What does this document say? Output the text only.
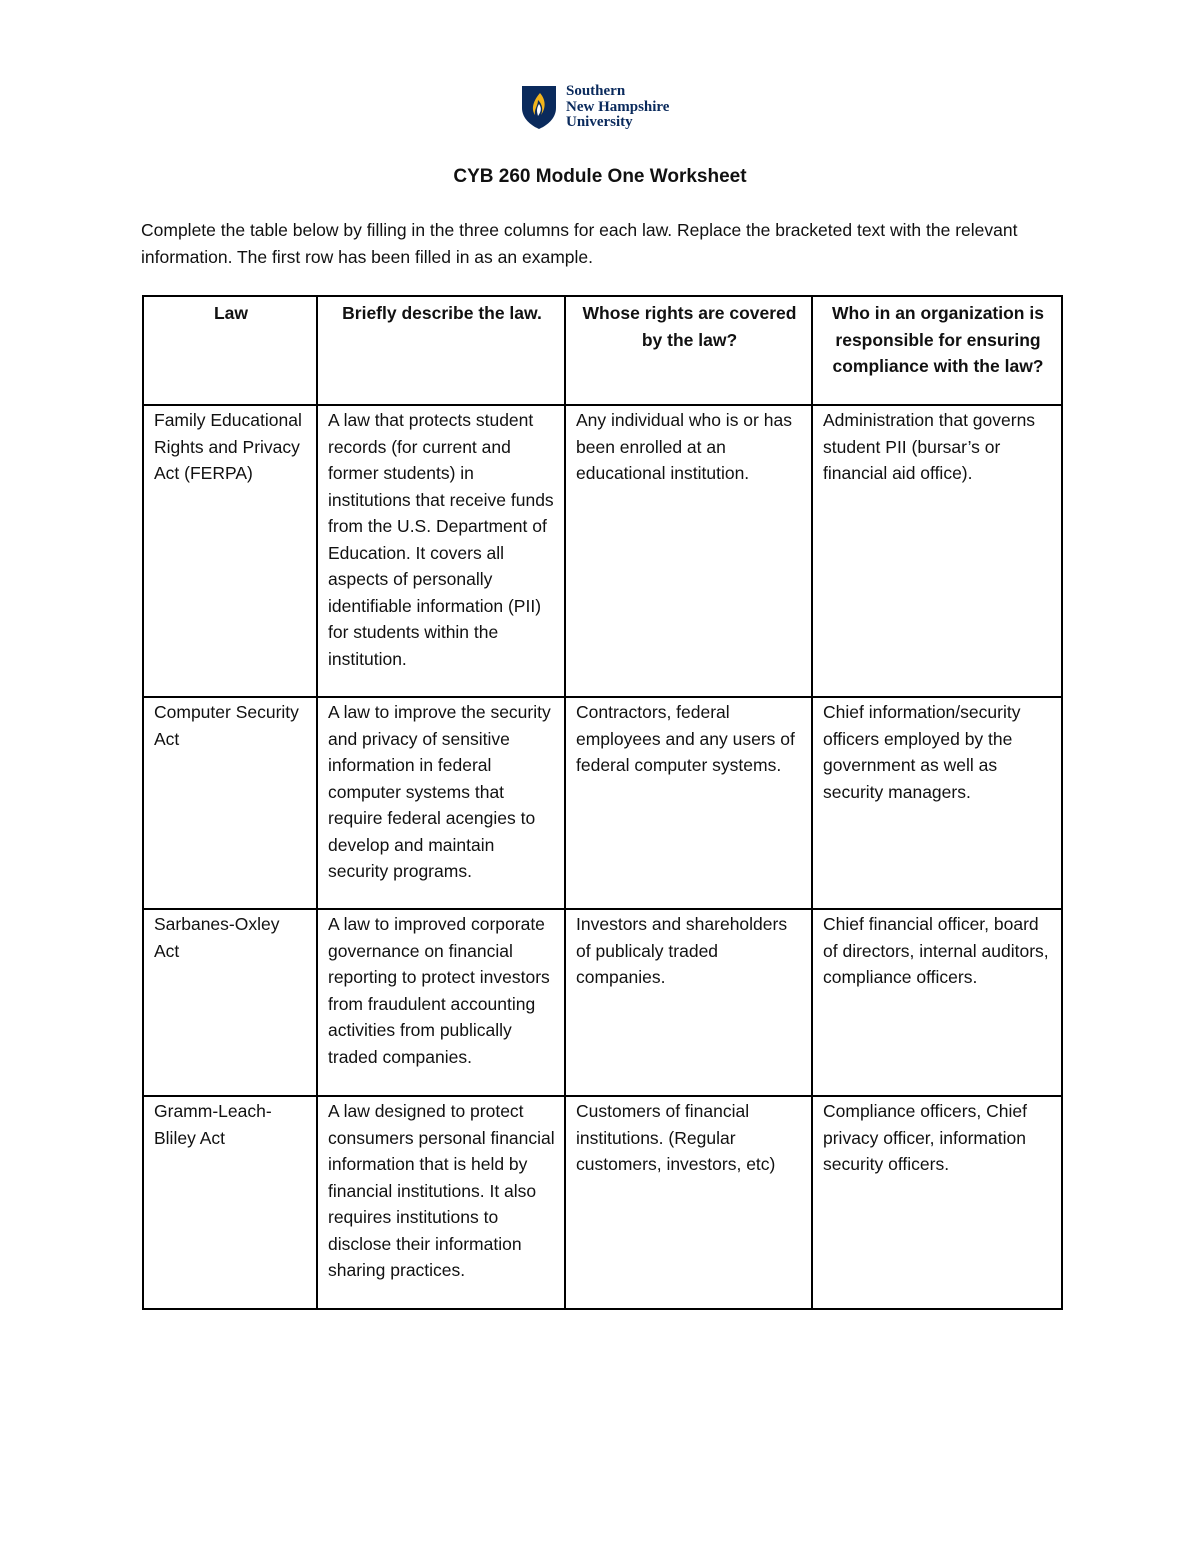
Southern
New Hampshire
University
CYB 260 Module One Worksheet
Complete the table below by filling in the three columns for each law. Replace the bracketed text with the relevant information. The first row has been filled in as an example.
Law	Briefly describe the law.	Whose rights are covered by the law?	Who in an organization is responsible for ensuring compliance with the law?
Family Educational Rights and Privacy Act (FERPA)	A law that protects student records (for current and former students) in institutions that receive funds from the U.S. Department of Education. It covers all aspects of personally identifiable information (PII) for students within the institution.	Any individual who is or has been enrolled at an educational institution.	Administration that governs student PII (bursar’s or financial aid office).
Computer Security Act	A law to improve the security and privacy of sensitive information in federal computer systems that require federal acengies to develop and maintain security programs.	Contractors, federal employees and any users of federal computer systems.	Chief information/security officers employed by the government as well as security managers.
Sarbanes-Oxley Act	A law to improved corporate governance on financial reporting to protect investors from fraudulent accounting activities from publically traded companies.	Investors and shareholders of publicaly traded companies.	Chief financial officer, board of directors, internal auditors, compliance officers.
Gramm-Leach-Bliley Act	A law designed to protect consumers personal financial information that is held by financial institutions. It also requires institutions to disclose their information sharing practices.	Customers of financial institutions. (Regular customers, investors, etc)	Compliance officers, Chief privacy officer, information security officers.
